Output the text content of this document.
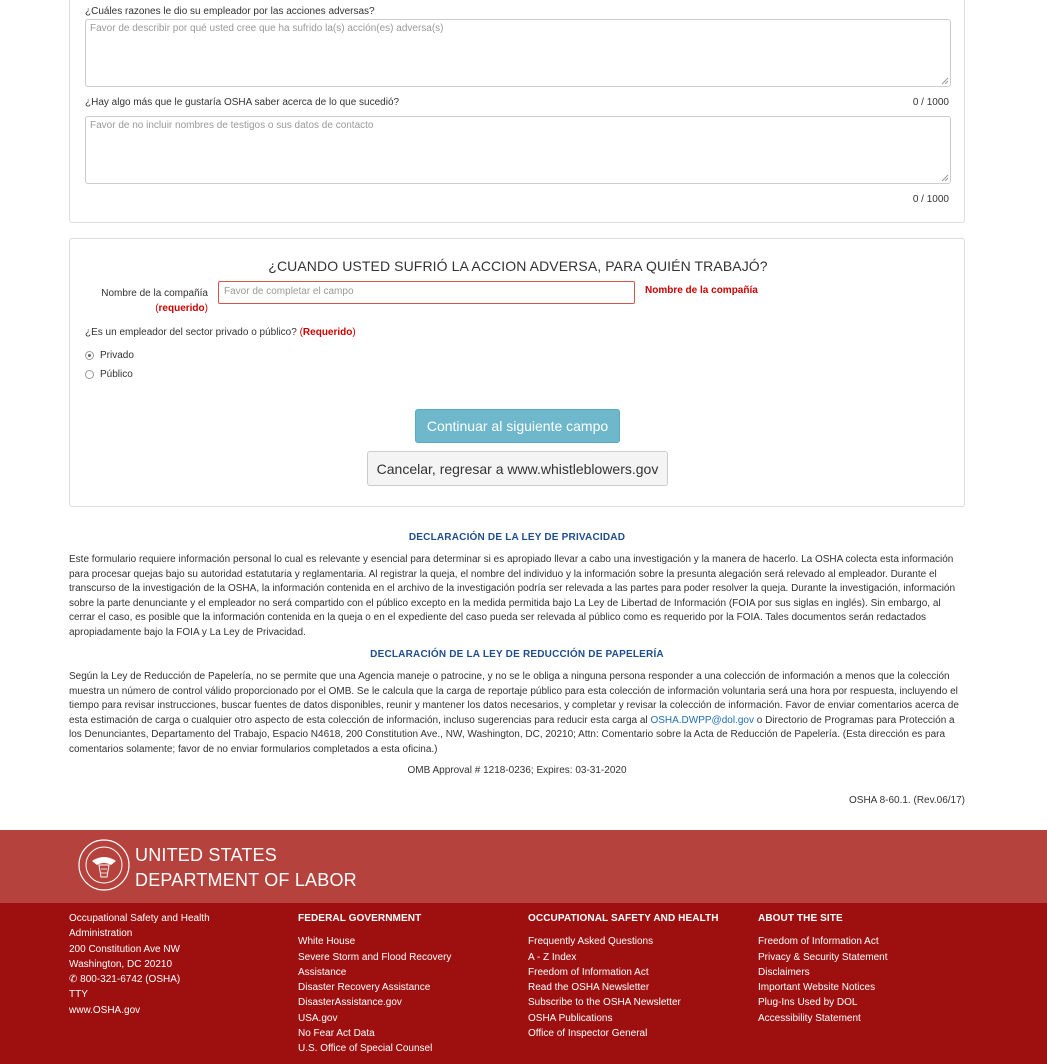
¿Cuáles razones le dio su empleador por las acciones adversas?
Favor de describir por qué usted cree que ha sufrido la(s) acción(es) adversa(s)
¿Hay algo más que le gustaría OSHA saber acerca de lo que sucedió?	0 / 1000
Favor de no incluir nombres de testigos o sus datos de contacto
0 / 1000
¿CUANDO USTED SUFRIÓ LA ACCION ADVERSA, PARA QUIÉN TRABAJÓ?
Nombre de la compañía
(requerido)
Favor de completar el campo	Nombre de la compañía
¿Es un empleador del sector privado o público? (Requerido)
Privado
Público
Continuar al siguiente campo
Cancelar, regresar a www.whistleblowers.gov
DECLARACIÓN DE LA LEY DE PRIVACIDAD
Este formulario requiere información personal lo cual es relevante y esencial para determinar si es apropiado llevar a cabo una investigación y la manera de hacerlo. La OSHA colecta esta información para procesar quejas bajo su autoridad estatutaria y reglamentaria. Al registrar la queja, el nombre del individuo y la información sobre la presunta alegación será relevado al empleador. Durante el transcurso de la investigación de la OSHA, la información contenida en el archivo de la investigación podría ser relevada a las partes para poder resolver la queja. Durante la investigación, información sobre la parte denunciante y el empleador no será compartido con el público excepto en la medida permitida bajo La Ley de Libertad de Información (FOIA por sus siglas en inglés). Sin embargo, al cerrar el caso, es posible que la información contenida en la queja o en el expediente del caso pueda ser relevada al público como es requerido por la FOIA. Tales documentos serán redactados apropiadamente bajo la FOIA y La Ley de Privacidad.
DECLARACIÓN DE LA LEY DE REDUCCIÓN DE PAPELERÍA
Según la Ley de Reducción de Papelería, no se permite que una Agencia maneje o patrocine, y no se le obliga a ninguna persona responder a una colección de información a menos que la colección muestra un número de control válido proporcionado por el OMB. Se le calcula que la carga de reportaje público para esta colección de información voluntaria será una hora por respuesta, incluyendo el tiempo para revisar instrucciones, buscar fuentes de datos disponibles, reunir y mantener los datos necesarios, y completar y revisar la colección de información. Favor de enviar comentarios acerca de esta estimación de carga o cualquier otro aspecto de esta colección de información, incluso sugerencias para reducir esta carga al OSHA.DWPP@dol.gov o Directorio de Programas para Protección a los Denunciantes, Departamento del Trabajo, Espacio N4618, 200 Constitution Ave., NW, Washington, DC, 20210; Attn: Comentario sobre la Acta de Reducción de Papelería. (Esta dirección es para comentarios solamente; favor de no enviar formularios completados a esta oficina.)
OMB Approval # 1218-0236; Expires: 03-31-2020
OSHA 8-60.1. (Rev.06/17)
UNITED STATES
DEPARTMENT OF LABOR
Occupational Safety and Health
Administration
200 Constitution Ave NW
Washington, DC 20210
✆ 800-321-6742 (OSHA)
TTY
www.OSHA.gov
FEDERAL GOVERNMENT
White House
Severe Storm and Flood Recovery
Assistance
Disaster Recovery Assistance
DisasterAssistance.gov
USA.gov
No Fear Act Data
U.S. Office of Special Counsel
OCCUPATIONAL SAFETY AND HEALTH
Frequently Asked Questions
A - Z Index
Freedom of Information Act
Read the OSHA Newsletter
Subscribe to the OSHA Newsletter
OSHA Publications
Office of Inspector General
ABOUT THE SITE
Freedom of Information Act
Privacy & Security Statement
Disclaimers
Important Website Notices
Plug-Ins Used by DOL
Accessibility Statement
